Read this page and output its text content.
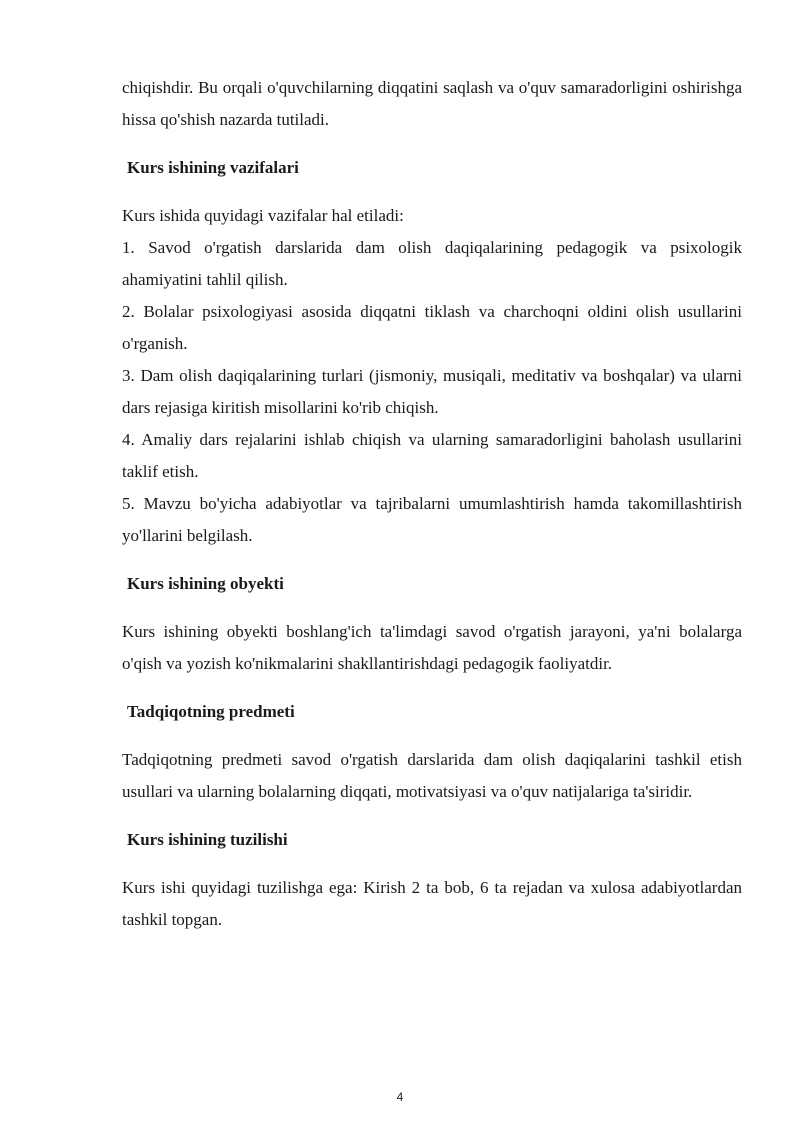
chiqishdir. Bu orqali o'quvchilarning diqqatini saqlash va o'quv samaradorligini oshirishga hissa qo'shish nazarda tutiladi.

Kurs ishining vazifalari

Kurs ishida quyidagi vazifalar hal etiladi:

1. Savod o'rgatish darslarida dam olish daqiqalarining pedagogik va psixologik ahamiyatini tahlil qilish.

2. Bolalar psixologiyasi asosida diqqatni tiklash va charchoqni oldini olish usullarini o'rganish.

3. Dam olish daqiqalarining turlari (jismoniy, musiqali, meditativ va boshqalar) va ularni dars rejasiga kiritish misollarini ko'rib chiqish.

4. Amaliy dars rejalarini ishlab chiqish va ularning samaradorligini baholash usullarini taklif etish.

5. Mavzu bo'yicha adabiyotlar va tajribalarni umumlashtirish hamda takomillashtirish yo'llarini belgilash.

Kurs ishining obyekti

Kurs ishining obyekti boshlang'ich ta'limdagi savod o'rgatish jarayoni, ya'ni bolalarga o'qish va yozish ko'nikmalarini shakllantirishdagi pedagogik faoliyatdir.

Tadqiqotning predmeti

Tadqiqotning predmeti savod o'rgatish darslarida dam olish daqiqalarini tashkil etish usullari va ularning bolalarning diqqati, motivatsiyasi va o'quv natijalariga ta'siridir.

Kurs ishining tuzilishi

Kurs ishi quyidagi tuzilishga ega: Kirish 2 ta bob, 6 ta rejadan va xulosa adabiyotlardan tashkil topgan.

4
